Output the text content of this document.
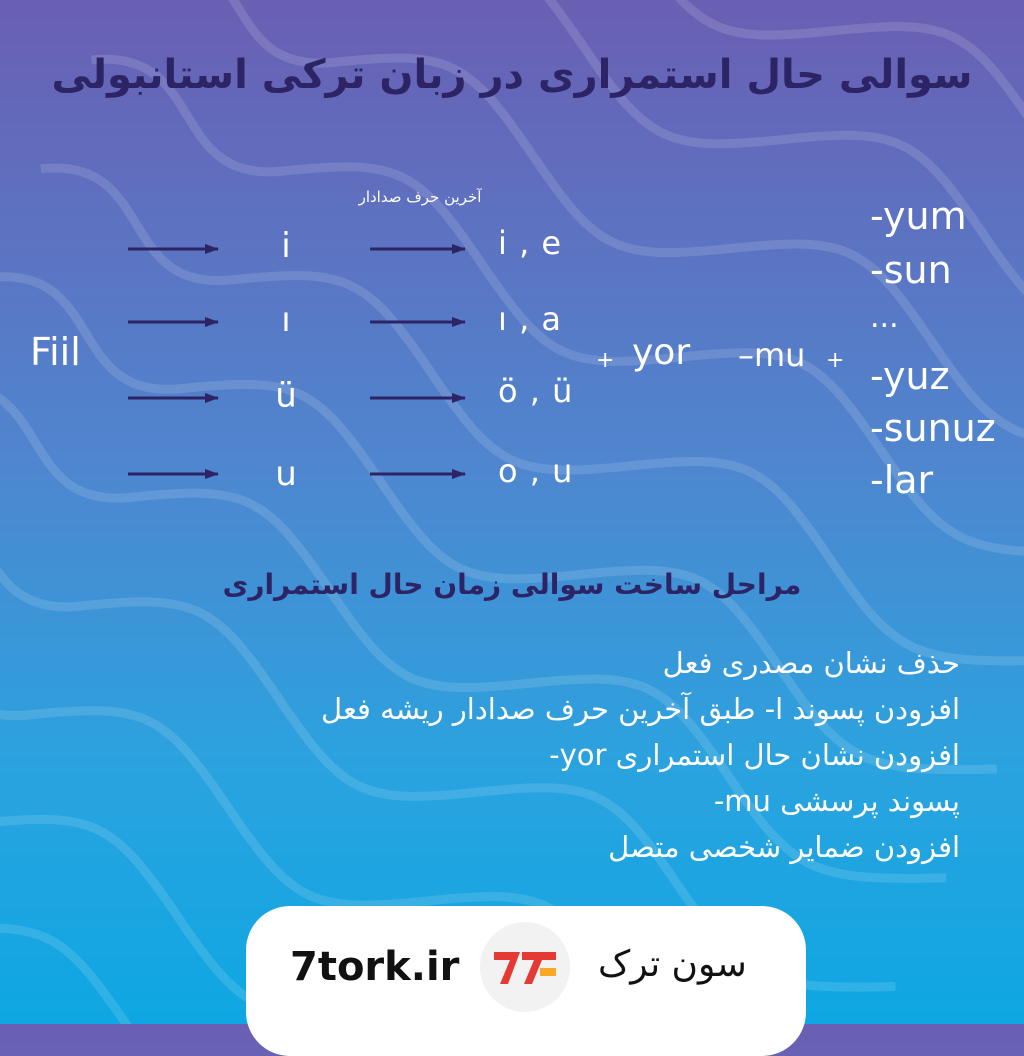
سوالی حال استمراری در زبان ترکی استانبولی
آخرین حرف صدادار
Fiil
i
ı
ü
u
i , e
ı , a
ö , ü
o , u
+ yor –mu +
-yum
-sun
...
-yuz
-sunuz
-lar
مراحل ساخت سوالی زمان حال استمراری
حذف نشان مصدری فعل
افزودن پسوند ا- طبق آخرین حرف صدادار ریشه فعل
افزودن نشان حال استمراری yor-
پسوند پرسشی mu-
افزودن ضمایر شخصی متصل
7tork.ir	سون ترک
